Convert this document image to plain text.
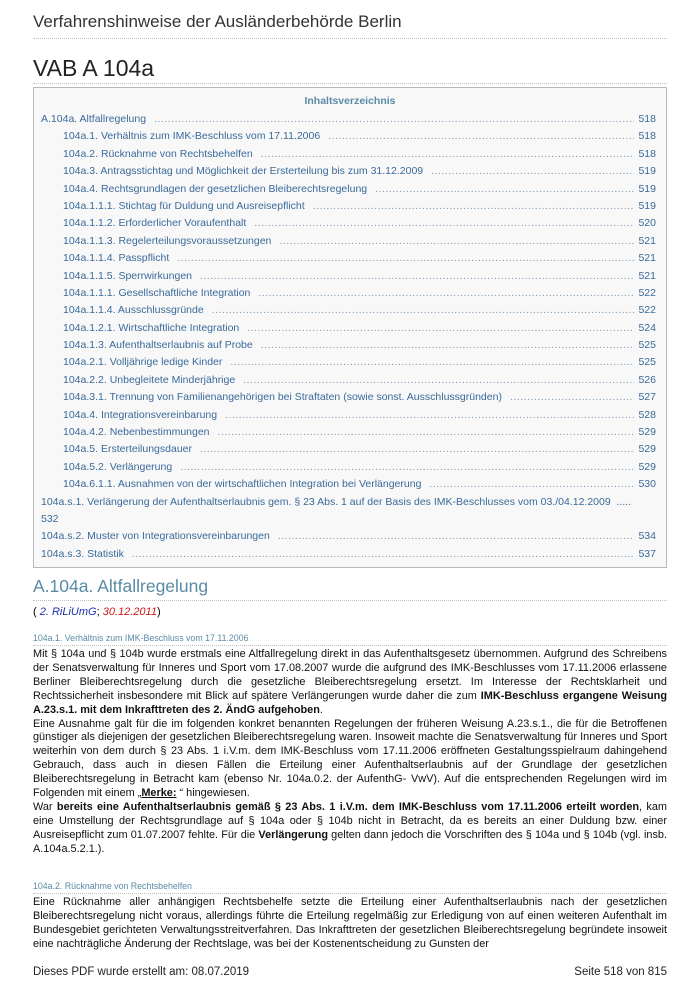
Verfahrenshinweise der Ausländerbehörde Berlin
VAB A 104a
Inhaltsverzeichnis
A.104a. Altfallregelung .....	518
104a.1. Verhältnis zum IMK-Beschluss vom 17.11.2006 .....	518
104a.2. Rücknahme von Rechtsbehelfen .....	518
104a.3. Antragsstichtag und Möglichkeit der Ersterteilung bis zum 31.12.2009 .....	519
104a.4. Rechtsgrundlagen der gesetzlichen Bleiberechtsregelung .....	519
104a.1.1.1. Stichtag für Duldung und Ausreisepflicht .....	519
104a.1.1.2. Erforderlicher Voraufenthalt .....	520
104a.1.1.3. Regelerteilungsvoraussetzungen .....	521
104a.1.1.4. Passpflicht .....	521
104a.1.1.5. Sperrwirkungen .....	521
104a.1.1.1. Gesellschaftliche Integration .....	522
104a.1.1.4. Ausschlussgründe .....	522
104a.1.2.1. Wirtschaftliche Integration .....	524
104a.1.3. Aufenthaltserlaubnis auf Probe .....	525
104a.2.1. Volljährige ledige Kinder .....	525
104a.2.2. Unbegleitete Minderjährige .....	526
104a.3.1. Trennung von Familienangehörigen bei Straftaten (sowie sonst. Ausschlussgründen) .....	527
104a.4. Integrationsvereinbarung .....	528
104a.4.2. Nebenbestimmungen .....	529
104a.5. Ersterteilungsdauer .....	529
104a.5.2. Verlängerung .....	529
104a.6.1.1. Ausnahmen von der wirtschaftlichen Integration bei Verlängerung .....	530
104a.s.1. Verlängerung der Aufenthaltserlaubnis gem. § 23 Abs. 1 auf der Basis des IMK-Beschlusses vom 03./04.12.2009 .....
532
104a.s.2. Muster von Integrationsvereinbarungen .....	534
104a.s.3. Statistik .....	537
A.104a. Altfallregelung
( 2. RiLiUmG; 30.12.2011)
104a.1. Verhältnis zum IMK-Beschluss vom 17.11.2006

Mit § 104a und § 104b wurde erstmals eine Altfallregelung direkt in das Aufenthaltsgesetz übernommen. Aufgrund des Schreibens der Senatsverwaltung für Inneres und Sport vom 17.08.2007 wurde die aufgrund des IMK-Beschlusses vom 17.11.2006 erlassene Berliner Bleiberechtsregelung durch die gesetzliche Bleiberechtsregelung ersetzt. Im Interesse der Rechtsklarheit und Rechtssicherheit insbesondere mit Blick auf spätere Verlängerungen wurde daher die zum IMK-Beschluss ergangene Weisung A.23.s.1. mit dem Inkrafttreten des 2. ÄndG aufgehoben.

Eine Ausnahme galt für die im folgenden konkret benannten Regelungen der früheren Weisung A.23.s.1., die für die Betroffenen günstiger als diejenigen der gesetzlichen Bleiberechtsregelung waren. Insoweit machte die Senatsverwaltung für Inneres und Sport weiterhin von dem durch § 23 Abs. 1 i.V.m. dem IMK-Beschluss vom 17.11.2006 eröffneten Gestaltungsspielraum dahingehend Gebrauch, dass auch in diesen Fällen die Erteilung einer Aufenthaltserlaubnis auf der Grundlage der gesetzlichen Bleiberechtsregelung in Betracht kam (ebenso Nr. 104a.0.2. der AufenthG- VwV). Auf die entsprechenden Regelungen wird im Folgenden mit einem „Merke: “ hingewiesen.

War bereits eine Aufenthaltserlaubnis gemäß § 23 Abs. 1 i.V.m. dem IMK-Beschluss vom 17.11.2006 erteilt worden, kam eine Umstellung der Rechtsgrundlage auf § 104a oder § 104b nicht in Betracht, da es bereits an einer Duldung bzw. einer Ausreisepflicht zum 01.07.2007 fehlte. Für die Verlängerung gelten dann jedoch die Vorschriften des § 104a und § 104b (vgl. insb. A.104a.5.2.1.).

104a.2. Rücknahme von Rechtsbehelfen

Eine Rücknahme aller anhängigen Rechtsbehelfe setzte die Erteilung einer Aufenthaltserlaubnis nach der gesetzlichen Bleiberechtsregelung nicht voraus, allerdings führte die Erteilung regelmäßig zur Erledigung von auf einen weiteren Aufenthalt im Bundesgebiet gerichteten Verwaltungsstreitverfahren. Das Inkrafttreten der gesetzlichen Bleiberechtsregelung begründete insoweit eine nachträgliche Änderung der Rechtslage, was bei der Kostenentscheidung zu Gunsten der

Dieses PDF wurde erstellt am: 08.07.2019	Seite 518 von 815
